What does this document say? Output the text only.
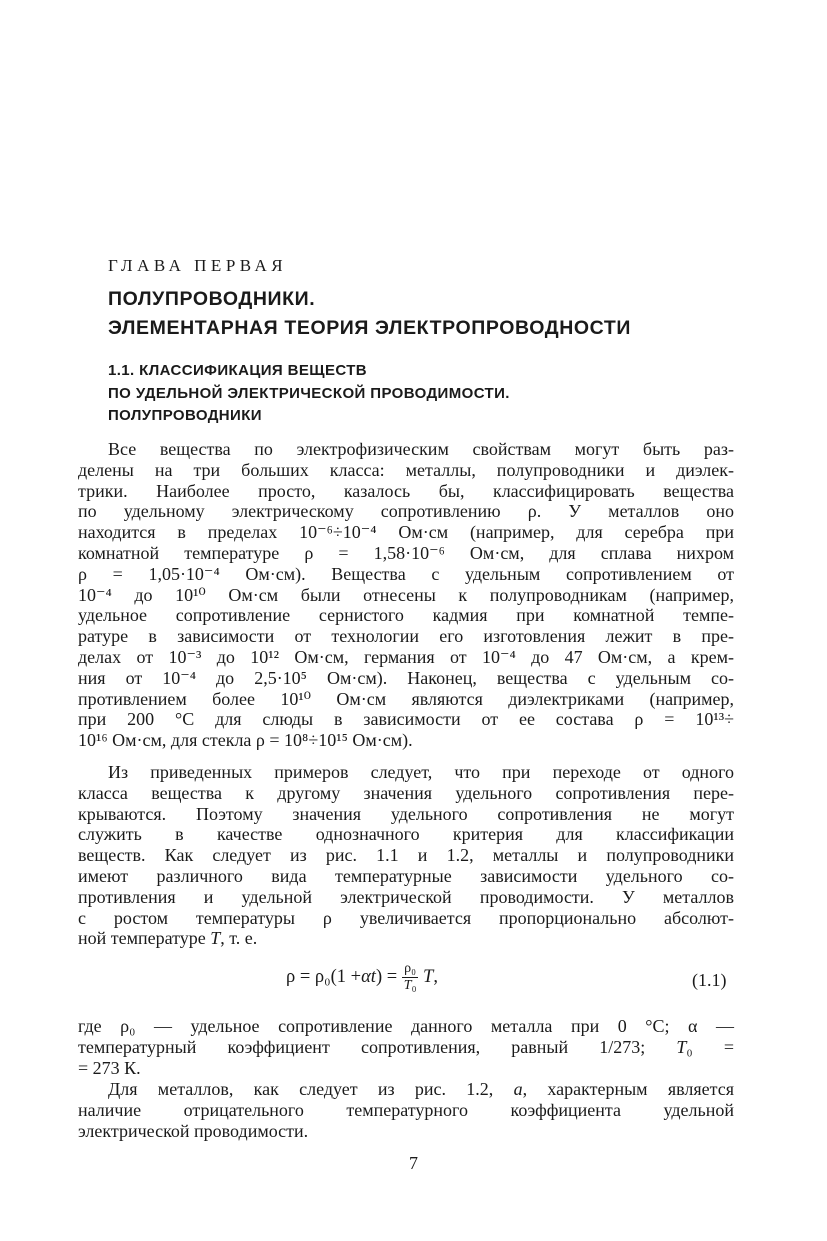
ГЛАВА ПЕРВАЯ
ПОЛУПРОВОДНИКИ.
ЭЛЕМЕНТАРНАЯ ТЕОРИЯ ЭЛЕКТРОПРОВОДНОСТИ
1.1. КЛАССИФИКАЦИЯ ВЕЩЕСТВ
ПО УДЕЛЬНОЙ ЭЛЕКТРИЧЕСКОЙ ПРОВОДИМОСТИ.
ПОЛУПРОВОДНИКИ
Все вещества по электрофизическим свойствам могут быть раз-
делены на три больших класса: металлы, полупроводники и диэлек-
трики. Наиболее просто, казалось бы, классифицировать вещества
по удельному электрическому сопротивлению ρ. У металлов оно
находится в пределах 10⁻⁶÷10⁻⁴ Ом·см (например, для серебра при
комнатной температуре ρ = 1,58·10⁻⁶ Ом·см, для сплава нихром
ρ = 1,05·10⁻⁴ Ом·см). Вещества с удельным сопротивлением от
10⁻⁴ до 10¹⁰ Ом·см были отнесены к полупроводникам (например,
удельное сопротивление сернистого кадмия при комнатной темпе-
ратуре в зависимости от технологии его изготовления лежит в пре-
делах от 10⁻³ до 10¹² Ом·см, германия от 10⁻⁴ до 47 Ом·см, а крем-
ния от 10⁻⁴ до 2,5·10⁵ Ом·см). Наконец, вещества с удельным со-
противлением более 10¹⁰ Ом·см являются диэлектриками (например,
при 200 °С для слюды в зависимости от ее состава ρ = 10¹³÷
10¹⁶ Ом·см, для стекла ρ = 10⁸÷10¹⁵ Ом·см).
Из приведенных примеров следует, что при переходе от одного
класса вещества к другому значения удельного сопротивления пере-
крываются. Поэтому значения удельного сопротивления не могут
служить в качестве однозначного критерия для классификации
веществ. Как следует из рис. 1.1 и 1.2, металлы и полупроводники
имеют различного вида температурные зависимости удельного со-
противления и удельной электрической проводимости. У металлов
с ростом температуры ρ увеличивается пропорционально абсолют-
ной температуре T, т. е.
ρ = ρ₀(1 + α t ) = $\frac{\text{ρ₀}}{\text{T₀}}$ T ,	(1.1)
где ρ₀ — удельное сопротивление данного металла при 0 °С; α —
температурный коэффициент сопротивления, равный 1/273; T₀ =
= 273 К.
Для металлов, как следует из рис. 1.2, а, характерным является
наличие отрицательного температурного коэффициента удельной
электрической проводимости.
7
